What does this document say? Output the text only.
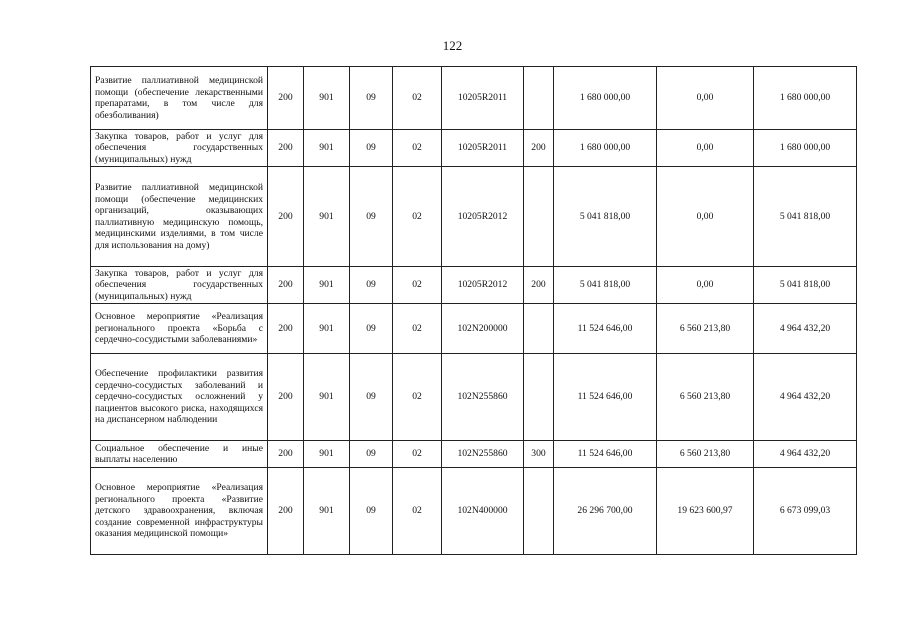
122
Развитие паллиативной медицинской помощи (обеспечение лекарственными препаратами, в том числе для обезболивания)	200	901	09	02	10205R2011		1 680 000,00	0,00	1 680 000,00
Закупка товаров, работ и услуг для обеспечения государственных (муниципальных) нужд	200	901	09	02	10205R2011	200	1 680 000,00	0,00	1 680 000,00
Развитие паллиативной медицинской помощи (обеспечение медицинских организаций, оказывающих паллиативную медицинскую помощь, медицинскими изделиями, в том числе для использования на дому)	200	901	09	02	10205R2012		5 041 818,00	0,00	5 041 818,00
Закупка товаров, работ и услуг для обеспечения государственных (муниципальных) нужд	200	901	09	02	10205R2012	200	5 041 818,00	0,00	5 041 818,00
Основное мероприятие «Реализация регионального проекта «Борьба с сердечно-сосудистыми заболеваниями»	200	901	09	02	102N200000		11 524 646,00	6 560 213,80	4 964 432,20
Обеспечение профилактики развития сердечно-сосудистых заболеваний и сердечно-сосудистых осложнений у пациентов высокого риска, находящихся на диспансерном наблюдении	200	901	09	02	102N255860		11 524 646,00	6 560 213,80	4 964 432,20
Социальное обеспечение и иные выплаты населению	200	901	09	02	102N255860	300	11 524 646,00	6 560 213,80	4 964 432,20
Основное мероприятие «Реализация регионального проекта «Развитие детского здравоохранения, включая создание современной инфраструктуры оказания медицинской помощи»	200	901	09	02	102N400000		26 296 700,00	19 623 600,97	6 673 099,03
